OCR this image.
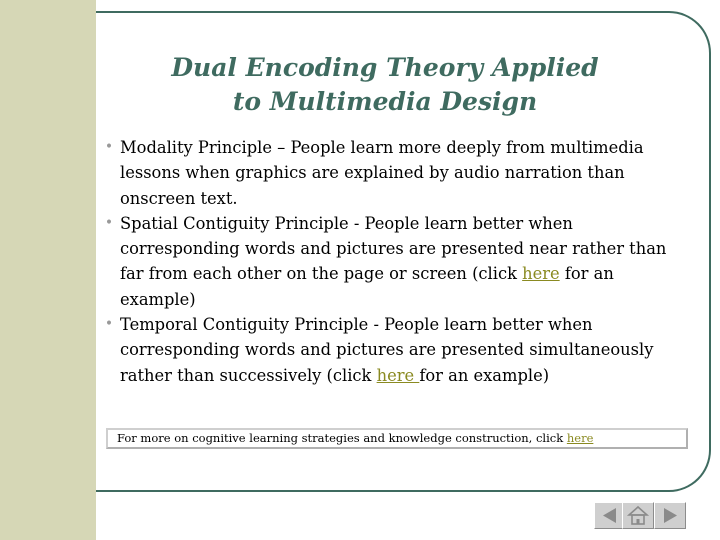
Dual Encoding Theory Applied
to Multimedia Design
• Modality Principle – People learn more deeply from multimedia lessons when graphics are explained by audio narration than onscreen text.
• Spatial Contiguity Principle - People learn better when corresponding words and pictures are presented near rather than far from each other on the page or screen (click here for an example)
• Temporal Contiguity Principle - People learn better when corresponding words and pictures are presented simultaneously rather than successively (click here for an example)
For more on cognitive learning strategies and knowledge construction, click here
